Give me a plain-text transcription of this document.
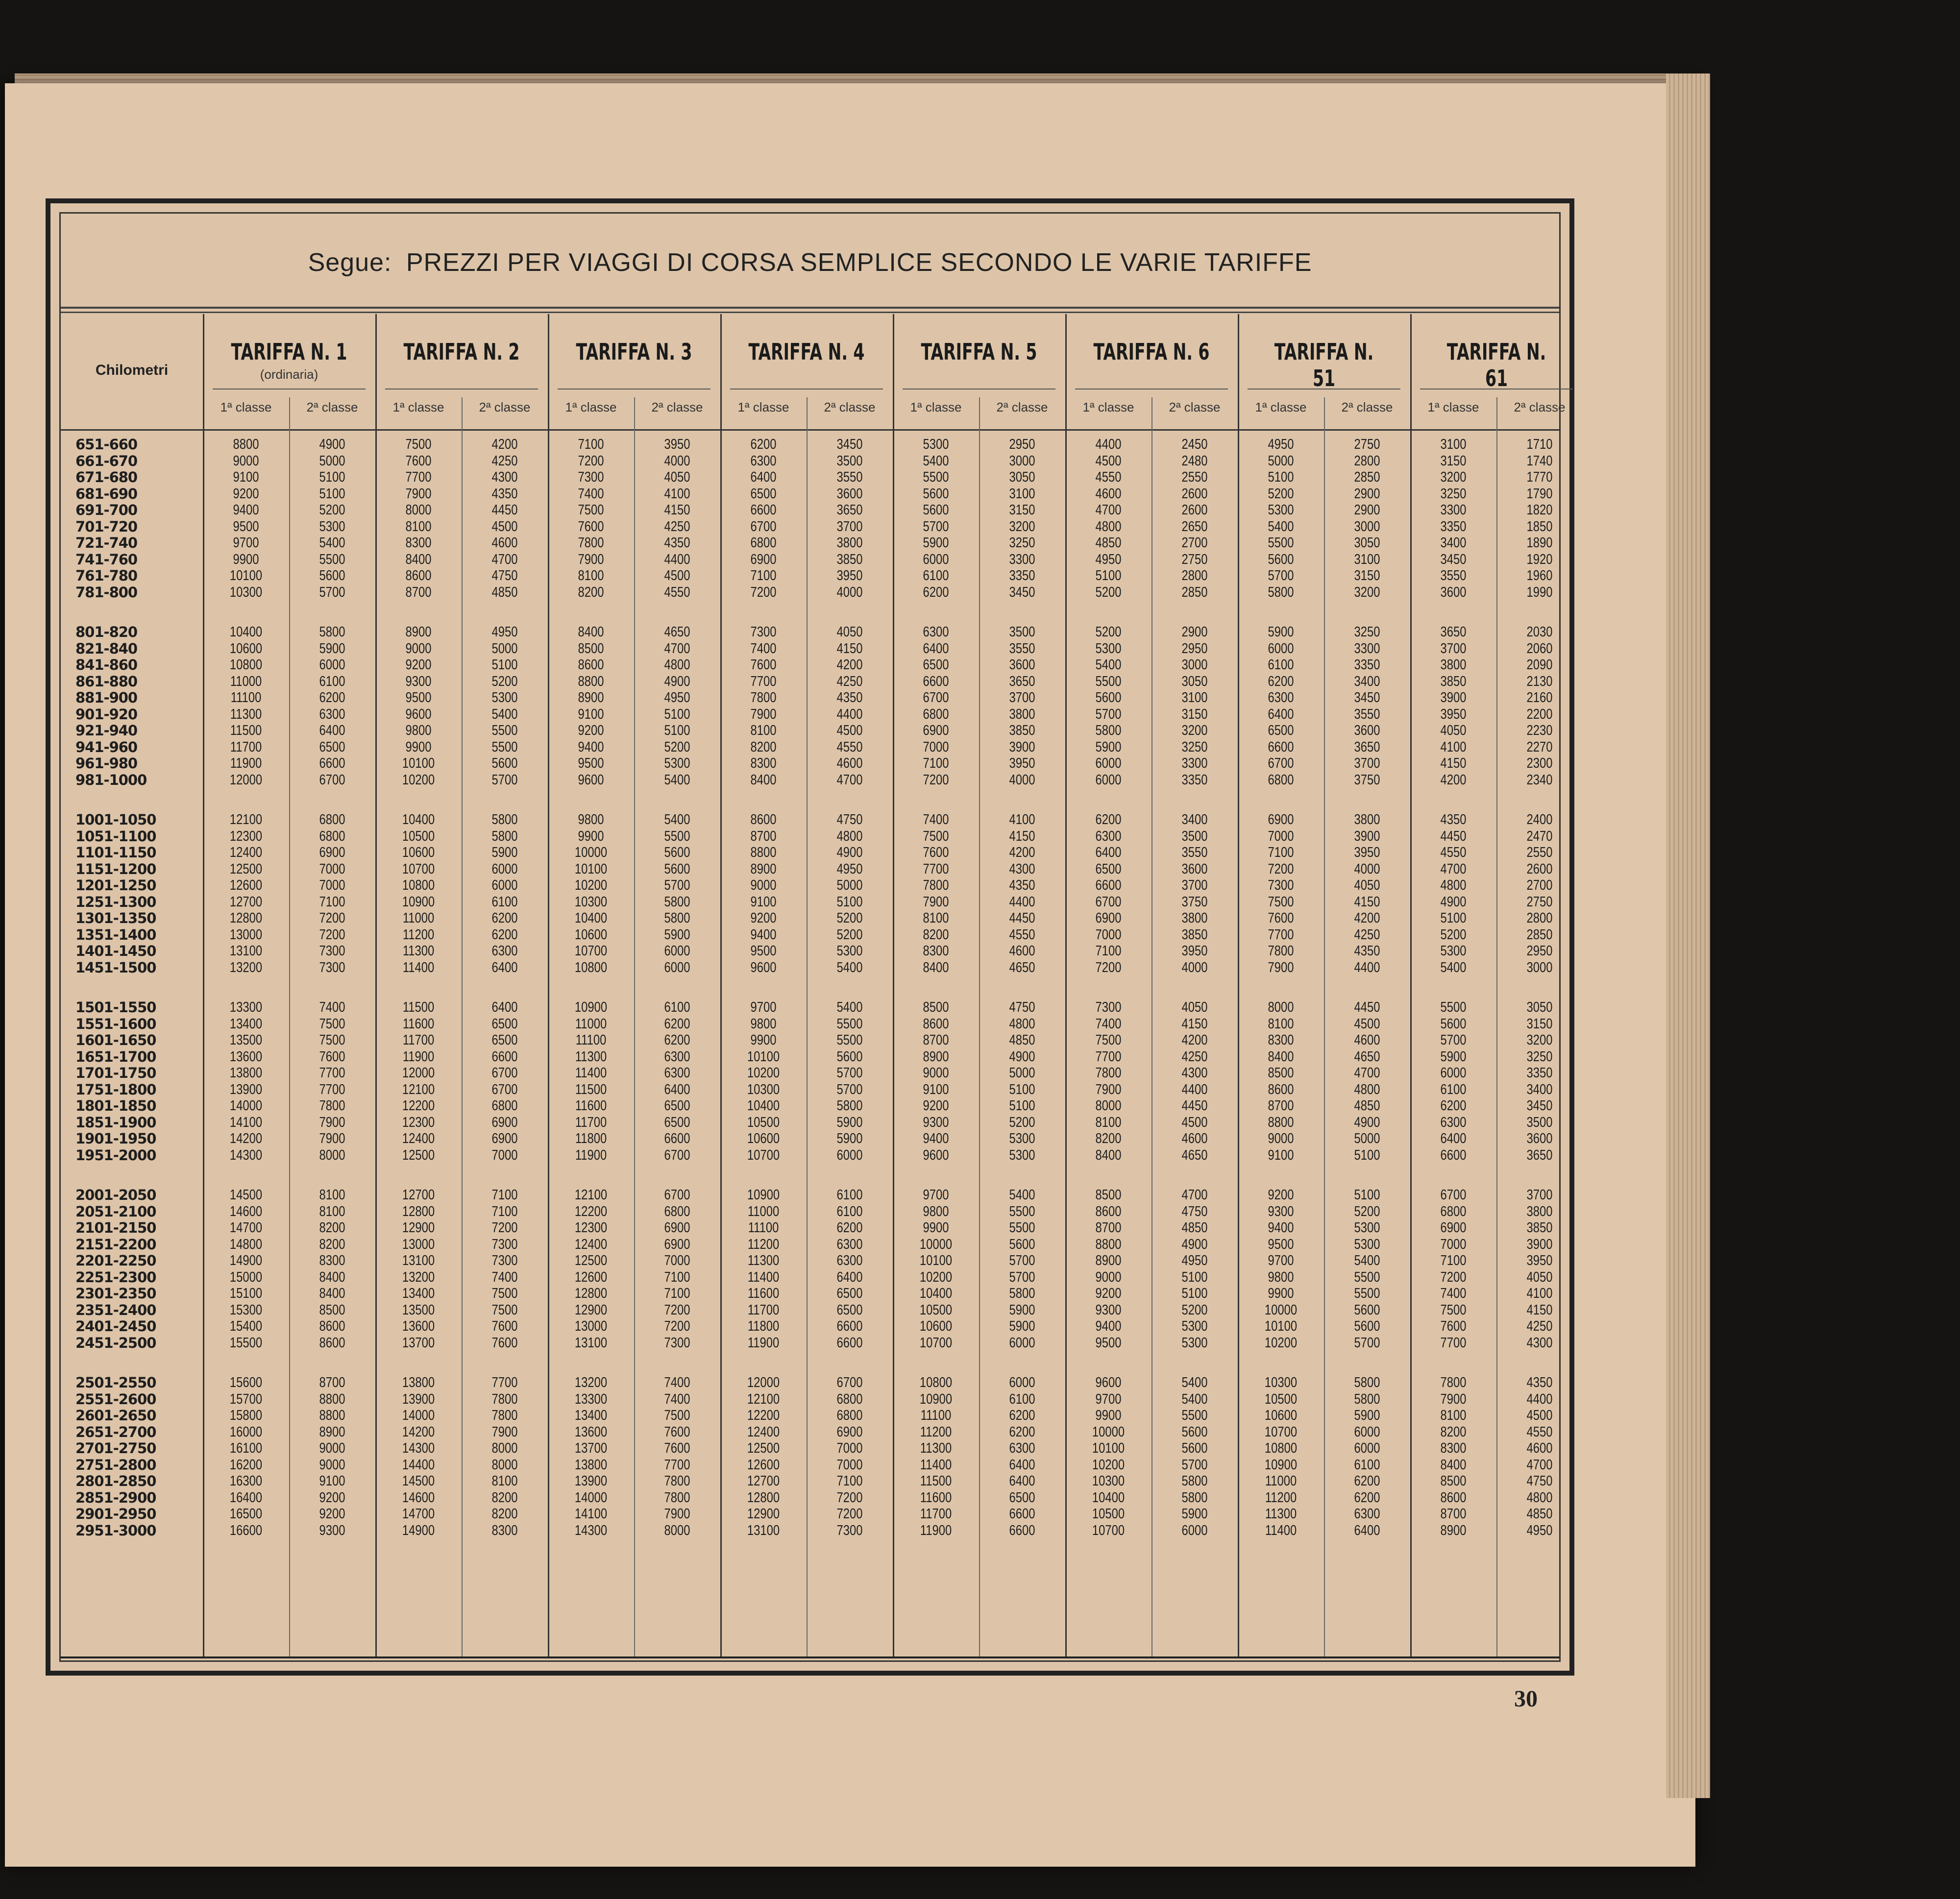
Segue: PREZZI PER VIAGGI DI CORSA SEMPLICE SECONDO LE VARIE TARIFFE
Chilometri
TARIFFA N. 1
(ordinaria)
1ª classe	2ª classe
TARIFFA N. 2
1ª classe	2ª classe
TARIFFA N. 3
1ª classe	2ª classe
TARIFFA N. 4
1ª classe	2ª classe
TARIFFA N. 5
1ª classe	2ª classe
TARIFFA N. 6
1ª classe	2ª classe
TARIFFA N. 51
1ª classe	2ª classe
TARIFFA N. 61
1ª classe	2ª classe
651-660	8800	4900	7500	4200	7100	3950	6200	3450	5300	2950	4400	2450	4950	2750	3100	1710
661-670	9000	5000	7600	4250	7200	4000	6300	3500	5400	3000	4500	2480	5000	2800	3150	1740
671-680	9100	5100	7700	4300	7300	4050	6400	3550	5500	3050	4550	2550	5100	2850	3200	1770
681-690	9200	5100	7900	4350	7400	4100	6500	3600	5600	3100	4600	2600	5200	2900	3250	1790
691-700	9400	5200	8000	4450	7500	4150	6600	3650	5600	3150	4700	2600	5300	2900	3300	1820
701-720	9500	5300	8100	4500	7600	4250	6700	3700	5700	3200	4800	2650	5400	3000	3350	1850
721-740	9700	5400	8300	4600	7800	4350	6800	3800	5900	3250	4850	2700	5500	3050	3400	1890
741-760	9900	5500	8400	4700	7900	4400	6900	3850	6000	3300	4950	2750	5600	3100	3450	1920
761-780	10100	5600	8600	4750	8100	4500	7100	3950	6100	3350	5100	2800	5700	3150	3550	1960
781-800	10300	5700	8700	4850	8200	4550	7200	4000	6200	3450	5200	2850	5800	3200	3600	1990
801-820	10400	5800	8900	4950	8400	4650	7300	4050	6300	3500	5200	2900	5900	3250	3650	2030
821-840	10600	5900	9000	5000	8500	4700	7400	4150	6400	3550	5300	2950	6000	3300	3700	2060
841-860	10800	6000	9200	5100	8600	4800	7600	4200	6500	3600	5400	3000	6100	3350	3800	2090
861-880	11000	6100	9300	5200	8800	4900	7700	4250	6600	3650	5500	3050	6200	3400	3850	2130
881-900	11100	6200	9500	5300	8900	4950	7800	4350	6700	3700	5600	3100	6300	3450	3900	2160
901-920	11300	6300	9600	5400	9100	5100	7900	4400	6800	3800	5700	3150	6400	3550	3950	2200
921-940	11500	6400	9800	5500	9200	5100	8100	4500	6900	3850	5800	3200	6500	3600	4050	2230
941-960	11700	6500	9900	5500	9400	5200	8200	4550	7000	3900	5900	3250	6600	3650	4100	2270
961-980	11900	6600	10100	5600	9500	5300	8300	4600	7100	3950	6000	3300	6700	3700	4150	2300
981-1000	12000	6700	10200	5700	9600	5400	8400	4700	7200	4000	6000	3350	6800	3750	4200	2340
1001-1050	12100	6800	10400	5800	9800	5400	8600	4750	7400	4100	6200	3400	6900	3800	4350	2400
1051-1100	12300	6800	10500	5800	9900	5500	8700	4800	7500	4150	6300	3500	7000	3900	4450	2470
1101-1150	12400	6900	10600	5900	10000	5600	8800	4900	7600	4200	6400	3550	7100	3950	4550	2550
1151-1200	12500	7000	10700	6000	10100	5600	8900	4950	7700	4300	6500	3600	7200	4000	4700	2600
1201-1250	12600	7000	10800	6000	10200	5700	9000	5000	7800	4350	6600	3700	7300	4050	4800	2700
1251-1300	12700	7100	10900	6100	10300	5800	9100	5100	7900	4400	6700	3750	7500	4150	4900	2750
1301-1350	12800	7200	11000	6200	10400	5800	9200	5200	8100	4450	6900	3800	7600	4200	5100	2800
1351-1400	13000	7200	11200	6200	10600	5900	9400	5200	8200	4550	7000	3850	7700	4250	5200	2850
1401-1450	13100	7300	11300	6300	10700	6000	9500	5300	8300	4600	7100	3950	7800	4350	5300	2950
1451-1500	13200	7300	11400	6400	10800	6000	9600	5400	8400	4650	7200	4000	7900	4400	5400	3000
1501-1550	13300	7400	11500	6400	10900	6100	9700	5400	8500	4750	7300	4050	8000	4450	5500	3050
1551-1600	13400	7500	11600	6500	11000	6200	9800	5500	8600	4800	7400	4150	8100	4500	5600	3150
1601-1650	13500	7500	11700	6500	11100	6200	9900	5500	8700	4850	7500	4200	8300	4600	5700	3200
1651-1700	13600	7600	11900	6600	11300	6300	10100	5600	8900	4900	7700	4250	8400	4650	5900	3250
1701-1750	13800	7700	12000	6700	11400	6300	10200	5700	9000	5000	7800	4300	8500	4700	6000	3350
1751-1800	13900	7700	12100	6700	11500	6400	10300	5700	9100	5100	7900	4400	8600	4800	6100	3400
1801-1850	14000	7800	12200	6800	11600	6500	10400	5800	9200	5100	8000	4450	8700	4850	6200	3450
1851-1900	14100	7900	12300	6900	11700	6500	10500	5900	9300	5200	8100	4500	8800	4900	6300	3500
1901-1950	14200	7900	12400	6900	11800	6600	10600	5900	9400	5300	8200	4600	9000	5000	6400	3600
1951-2000	14300	8000	12500	7000	11900	6700	10700	6000	9600	5300	8400	4650	9100	5100	6600	3650
2001-2050	14500	8100	12700	7100	12100	6700	10900	6100	9700	5400	8500	4700	9200	5100	6700	3700
2051-2100	14600	8100	12800	7100	12200	6800	11000	6100	9800	5500	8600	4750	9300	5200	6800	3800
2101-2150	14700	8200	12900	7200	12300	6900	11100	6200	9900	5500	8700	4850	9400	5300	6900	3850
2151-2200	14800	8200	13000	7300	12400	6900	11200	6300	10000	5600	8800	4900	9500	5300	7000	3900
2201-2250	14900	8300	13100	7300	12500	7000	11300	6300	10100	5700	8900	4950	9700	5400	7100	3950
2251-2300	15000	8400	13200	7400	12600	7100	11400	6400	10200	5700	9000	5100	9800	5500	7200	4050
2301-2350	15100	8400	13400	7500	12800	7100	11600	6500	10400	5800	9200	5100	9900	5500	7400	4100
2351-2400	15300	8500	13500	7500	12900	7200	11700	6500	10500	5900	9300	5200	10000	5600	7500	4150
2401-2450	15400	8600	13600	7600	13000	7200	11800	6600	10600	5900	9400	5300	10100	5600	7600	4250
2451-2500	15500	8600	13700	7600	13100	7300	11900	6600	10700	6000	9500	5300	10200	5700	7700	4300
2501-2550	15600	8700	13800	7700	13200	7400	12000	6700	10800	6000	9600	5400	10300	5800	7800	4350
2551-2600	15700	8800	13900	7800	13300	7400	12100	6800	10900	6100	9700	5400	10500	5800	7900	4400
2601-2650	15800	8800	14000	7800	13400	7500	12200	6800	11100	6200	9900	5500	10600	5900	8100	4500
2651-2700	16000	8900	14200	7900	13600	7600	12400	6900	11200	6200	10000	5600	10700	6000	8200	4550
2701-2750	16100	9000	14300	8000	13700	7600	12500	7000	11300	6300	10100	5600	10800	6000	8300	4600
2751-2800	16200	9000	14400	8000	13800	7700	12600	7000	11400	6400	10200	5700	10900	6100	8400	4700
2801-2850	16300	9100	14500	8100	13900	7800	12700	7100	11500	6400	10300	5800	11000	6200	8500	4750
2851-2900	16400	9200	14600	8200	14000	7800	12800	7200	11600	6500	10400	5800	11200	6200	8600	4800
2901-2950	16500	9200	14700	8200	14100	7900	12900	7200	11700	6600	10500	5900	11300	6300	8700	4850
2951-3000	16600	9300	14900	8300	14300	8000	13100	7300	11900	6600	10700	6000	11400	6400	8900	4950
30
